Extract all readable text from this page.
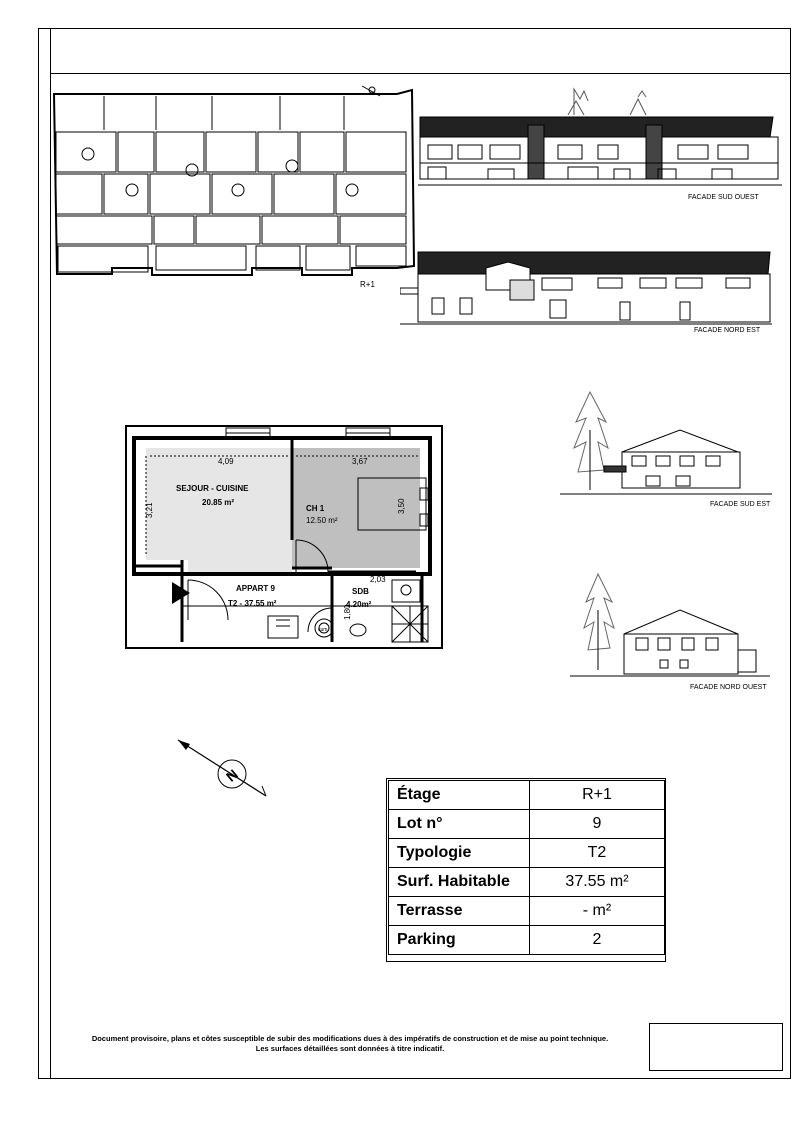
R+1
FACADE SUD OUEST
FACADE NORD EST
FACADE SUD EST
FACADE NORD OUEST
SEJOUR - CUISINE
20.85 m²
CH 1
12.50 m²
APPART 9
T2 - 37.55 m²
SDB
4.20m²
4,09	3,67
2,03
3,21	3,50
1,80
cum
N
Étage	R+1
Lot n°	9
Typologie	T2
Surf. Habitable	37.55 m²
Terrasse	- m²
Parking	2
Document provisoire, plans et côtes susceptible de subir des modifications dues à des impératifs de construction et de mise au point technique.
Les surfaces détaillées sont données à titre indicatif.
